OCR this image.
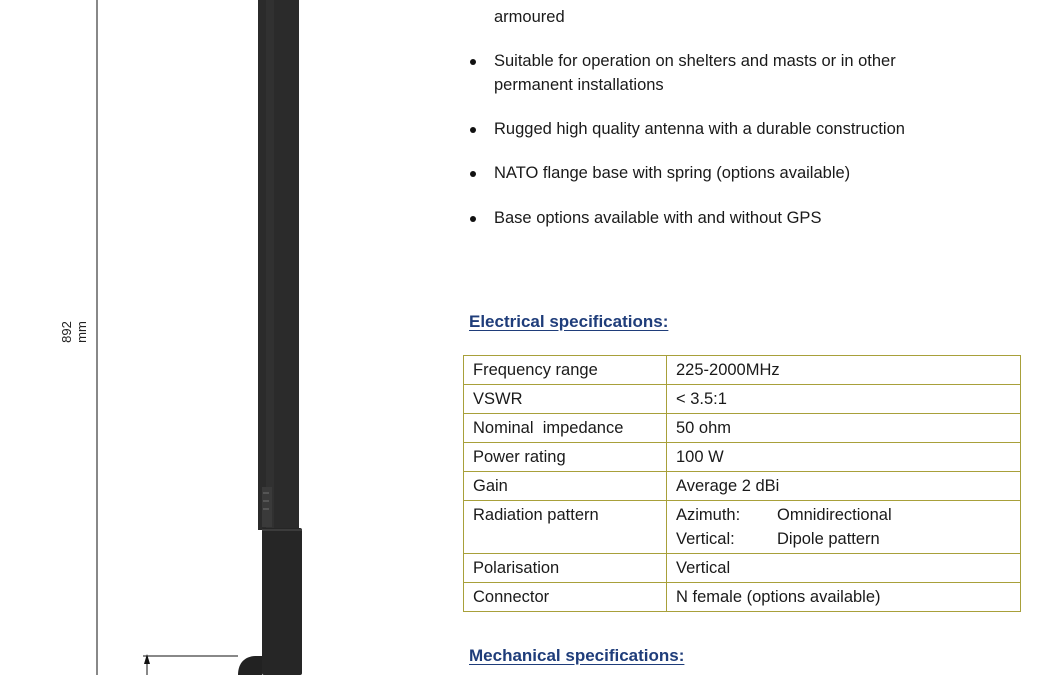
892 mm
armoured
Suitable for operation on shelters and masts or in other permanent installations
Rugged high quality antenna with a durable construction
NATO flange base with spring (options available)
Base options available with and without GPS
Electrical specifications:
Frequency range	225-2000MHz
VSWR	< 3.5:1
Nominal  impedance	50 ohm
Power rating	100 W
Gain	Average 2 dBi
Radiation pattern	Azimuth: Omnidirectional
Vertical: Dipole pattern

Polarisation	Vertical
Connector	N female (options available)
Mechanical specifications:
